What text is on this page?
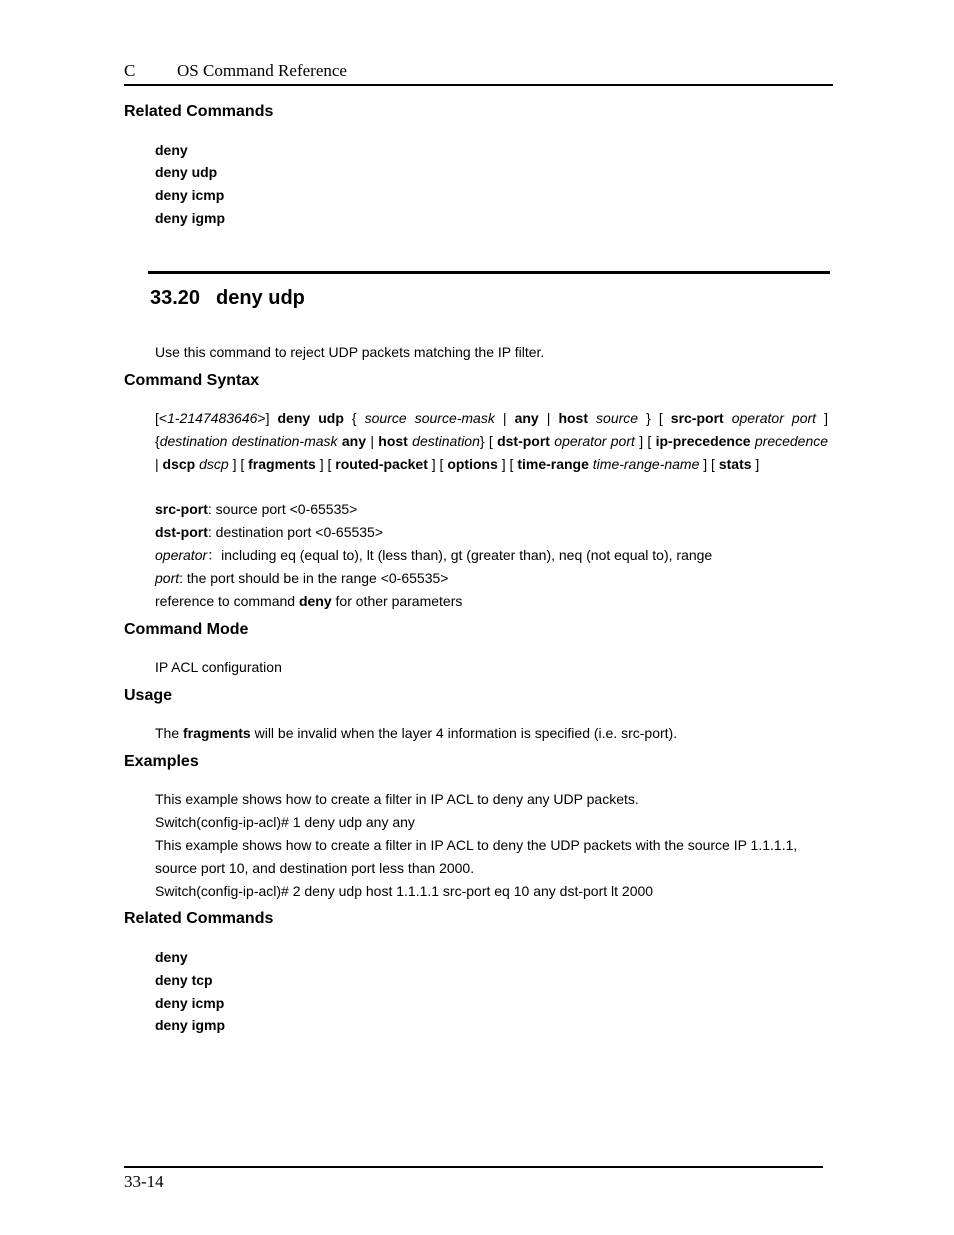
C OS Command Reference
Related Commands
deny
deny udp
deny icmp
deny igmp
33.20 deny udp
Use this command to reject UDP packets matching the IP filter.
Command Syntax
[<1-2147483646>] deny udp { source source-mask | any | host source } [ src-port operator port ]{destination destination-mask any | host destination} [ dst-port operator port ] [ ip-precedence precedence | dscp dscp ] [ fragments ] [ routed-packet ] [ options ] [ time-range time-range-name ] [ stats ]
src-port: source port <0-65535>
dst-port: destination port <0-65535>
operator：including eq (equal to), lt (less than), gt (greater than), neq (not equal to), range
port: the port should be in the range <0-65535>
reference to command deny for other parameters
Command Mode
IP ACL configuration
Usage
The fragments will be invalid when the layer 4 information is specified (i.e. src-port).
Examples
This example shows how to create a filter in IP ACL to deny any UDP packets.
Switch(config-ip-acl)# 1 deny udp any any
This example shows how to create a filter in IP ACL to deny the UDP packets with the source IP 1.1.1.1,
source port 10, and destination port less than 2000.
Switch(config-ip-acl)# 2 deny udp host 1.1.1.1 src-port eq 10 any dst-port lt 2000
Related Commands
deny
deny tcp
deny icmp
deny igmp
33-14
